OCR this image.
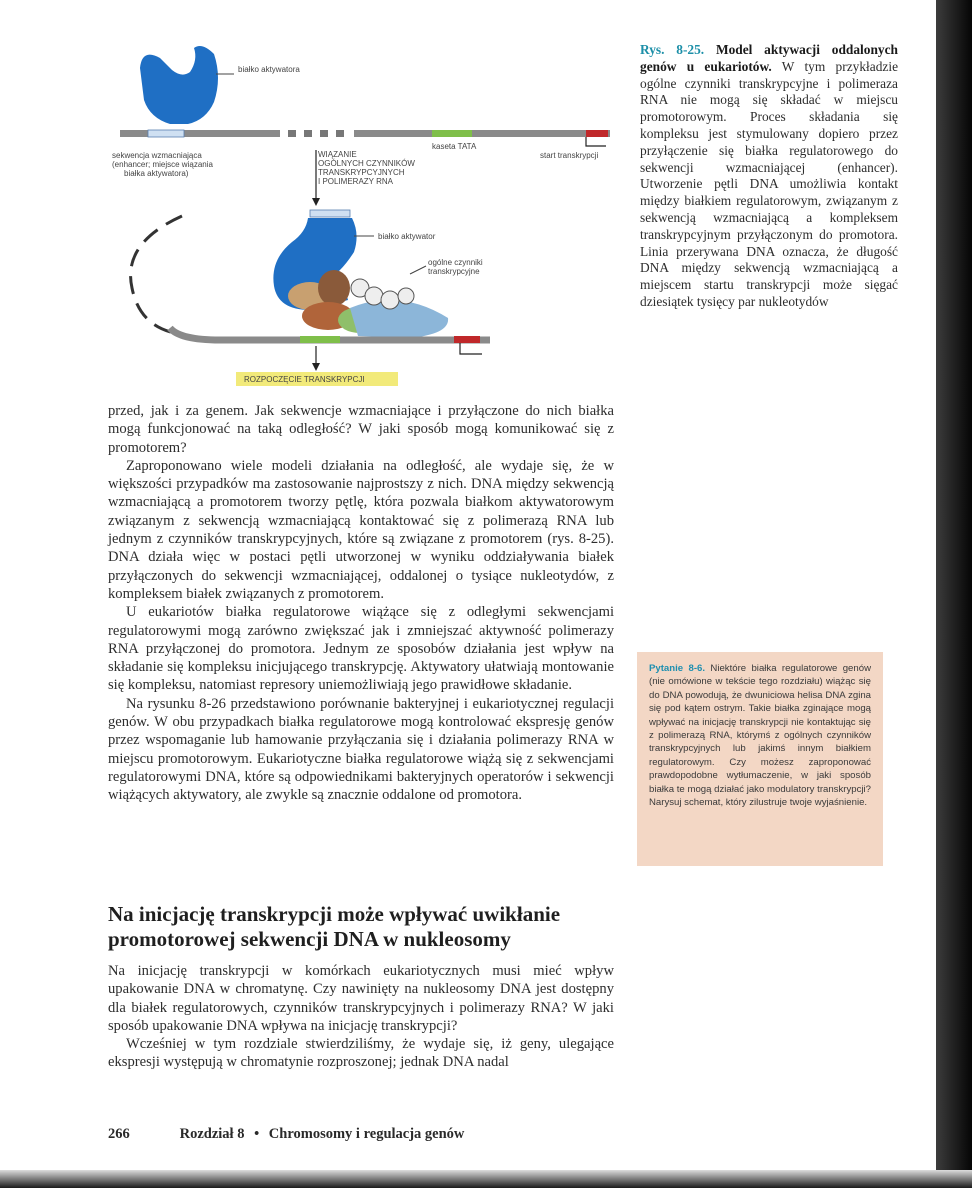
białko aktywatora
sekwencja wzmacniająca
(enhancer; miejsce wiązania
białka aktywatora)
kaseta TATA
WIĄZANIE
OGÓLNYCH CZYNNIKÓW
TRANSKRYPCYJNYCH
I POLIMERAZY RNA
start transkrypcji
białko aktywator
ogólne czynniki
transkrypcyjne
ROZPOCZĘCIE TRANSKRYPCJI
Rys. 8-25. Model aktywacji oddalonych genów u eukariotów. W tym przykładzie ogólne czynniki transkrypcyjne i polimeraza RNA nie mogą się składać w miejscu promotorowym. Proces składania się kompleksu jest stymulowany dopiero przez przyłączenie się białka regulatorowego do sekwencji wzmacniającej (enhancer). Utworzenie pętli DNA umożliwia kontakt między białkiem regulatorowym, związanym z sekwencją wzmacniającą a kompleksem transkrypcyjnym przyłączonym do promotora. Linia przerywana DNA oznacza, że długość DNA między sekwencją wzmacniającą a miejscem startu transkrypcji może sięgać dziesiątek tysięcy par nukleotydów

przed, jak i za genem. Jak sekwencje wzmacniające i przyłączone do nich białka mogą funkcjonować na taką odległość? W jaki sposób mogą komunikować się z promotorem?

Zaproponowano wiele modeli działania na odległość, ale wydaje się, że w większości przypadków ma zastosowanie najprostszy z nich. DNA między sekwencją wzmacniającą a promotorem tworzy pętlę, która pozwala białkom aktywatorowym związanym z sekwencją wzmacniającą kontaktować się z polimerazą RNA lub jednym z czynników transkrypcyjnych, które są związane z promotorem (rys. 8-25). DNA działa więc w postaci pętli utworzonej w wyniku oddziaływania białek przyłączonych do sekwencji wzmacniającej, oddalonej o tysiące nukleotydów, z kompleksem białek związanych z promotorem.

U eukariotów białka regulatorowe wiążące się z odległymi sekwencjami regulatorowymi mogą zarówno zwiększać jak i zmniejszać aktywność polimerazy RNA przyłączonej do promotora. Jednym ze sposobów działania jest wpływ na składanie się kompleksu inicjującego transkrypcję. Aktywatory ułatwiają montowanie się kompleksu, natomiast represory uniemożliwiają jego prawidłowe składanie.

Na rysunku 8-26 przedstawiono porównanie bakteryjnej i eukariotycznej regulacji genów. W obu przypadkach białka regulatorowe mogą kontrolować ekspresję genów przez wspomaganie lub hamowanie przyłączania się i działania polimerazy RNA w miejscu promotorowym. Eukariotyczne białka regulatorowe wiążą się z sekwencjami regulatorowymi DNA, które są odpowiednikami bakteryjnych operatorów i sekwencji wiążących aktywatory, ale zwykle są znacznie oddalone od promotora.

Na inicjację transkrypcji może wpływać uwikłanie promotorowej sekwencji DNA w nukleosomy

Na inicjację transkrypcji w komórkach eukariotycznych musi mieć wpływ upakowanie DNA w chromatynę. Czy nawinięty na nukleosomy DNA jest dostępny dla białek regulatorowych, czynników transkrypcyjnych i polimerazy RNA? W jaki sposób upakowanie DNA wpływa na inicjację transkrypcji?

Wcześniej w tym rozdziale stwierdziliśmy, że wydaje się, iż geny, ulegające ekspresji występują w chromatynie rozproszonej; jednak DNA nadal

Pytanie 8-6. Niektóre białka regulatorowe genów (nie omówione w tekście tego rozdziału) wiążąc się do DNA powodują, że dwuniciowa helisa DNA zgina się pod kątem ostrym. Takie białka zginające mogą wpływać na inicjację transkrypcji nie kontaktując się z polimerazą RNA, którymś z ogólnych czynników transkrypcyjnych lub jakimś innym białkiem regulatorowym. Czy możesz zaproponować prawdopodobne wytłumaczenie, w jaki sposób białka te mogą działać jako modulatory transkrypcji? Narysuj schemat, który zilustruje twoje wyjaśnienie.
266	Rozdział 8 • Chromosomy i regulacja genów
